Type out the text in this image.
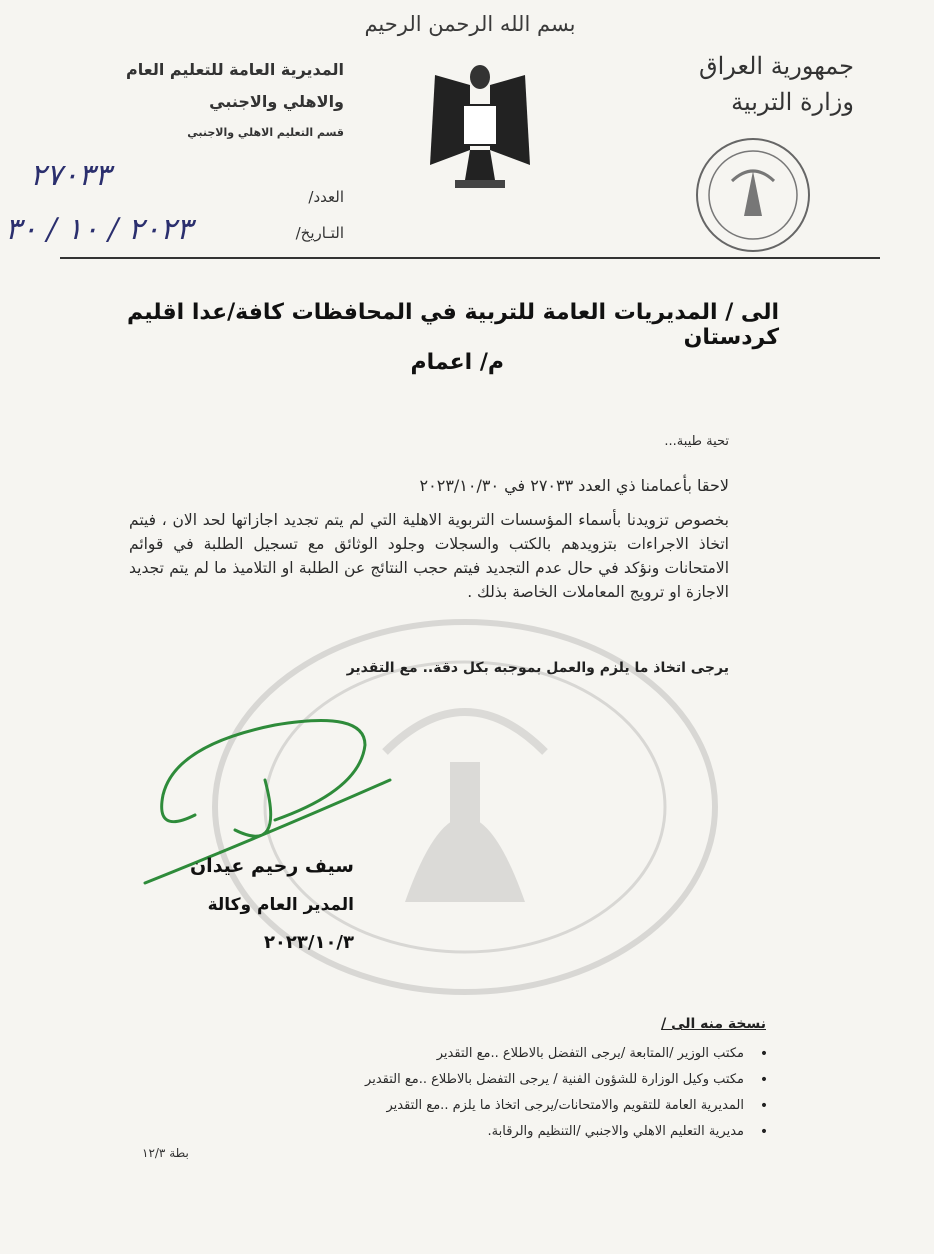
بسم الله الرحمن الرحيم
جمهورية العراق
وزارة التربية
المديرية العامة للتعليم العام
والاهلي والاجنبي
قسم التعليم الاهلي والاجنبي
العدد/
التـاريخ/
٢٧٠٣٣
٢٠٢٣ / ١٠ / ٣٠
الى / المديريات العامة للتربية في المحافظات كافة/عدا اقليم كردستان
م/ اعمام
تحية طيبة...
لاحقا بأعمامنا ذي العدد ٢٧٠٣٣ في ٢٠٢٣/١٠/٣٠
بخصوص تزويدنا بأسماء المؤسسات التربوية الاهلية التي لم يتم تجديد اجازاتها لحد الان ، فيتم اتخاذ الاجراءات بتزويدهم بالكتب والسجلات وجلود الوثائق مع تسجيل الطلبة في قوائم الامتحانات ونؤكد في حال عدم التجديد فيتم حجب النتائج عن الطلبة او التلاميذ ما لم يتم تجديد الاجازة او ترويج المعاملات الخاصة بذلك .
يرجى اتخاذ ما يلزم والعمل بموجبه بكل دقة.. مع التقدير
سيف رحيم عيدان
المدير العام وكالة
٢٠٢٣/١٠/٣
نسخة منه الى /
•
مكتب الوزير /المتابعة /يرجى التفضل بالاطلاع ..مع التقدير
•
مكتب وكيل الوزارة للشؤون الفنية / يرجى التفضل بالاطلاع ..مع التقدير
•
المديرية العامة للتقويم والامتحانات/يرجى اتخاذ ما يلزم ..مع التقدير
•
مديرية التعليم الاهلي والاجنبي /التنظيم والرقابة.
بطة ١٢/٣
